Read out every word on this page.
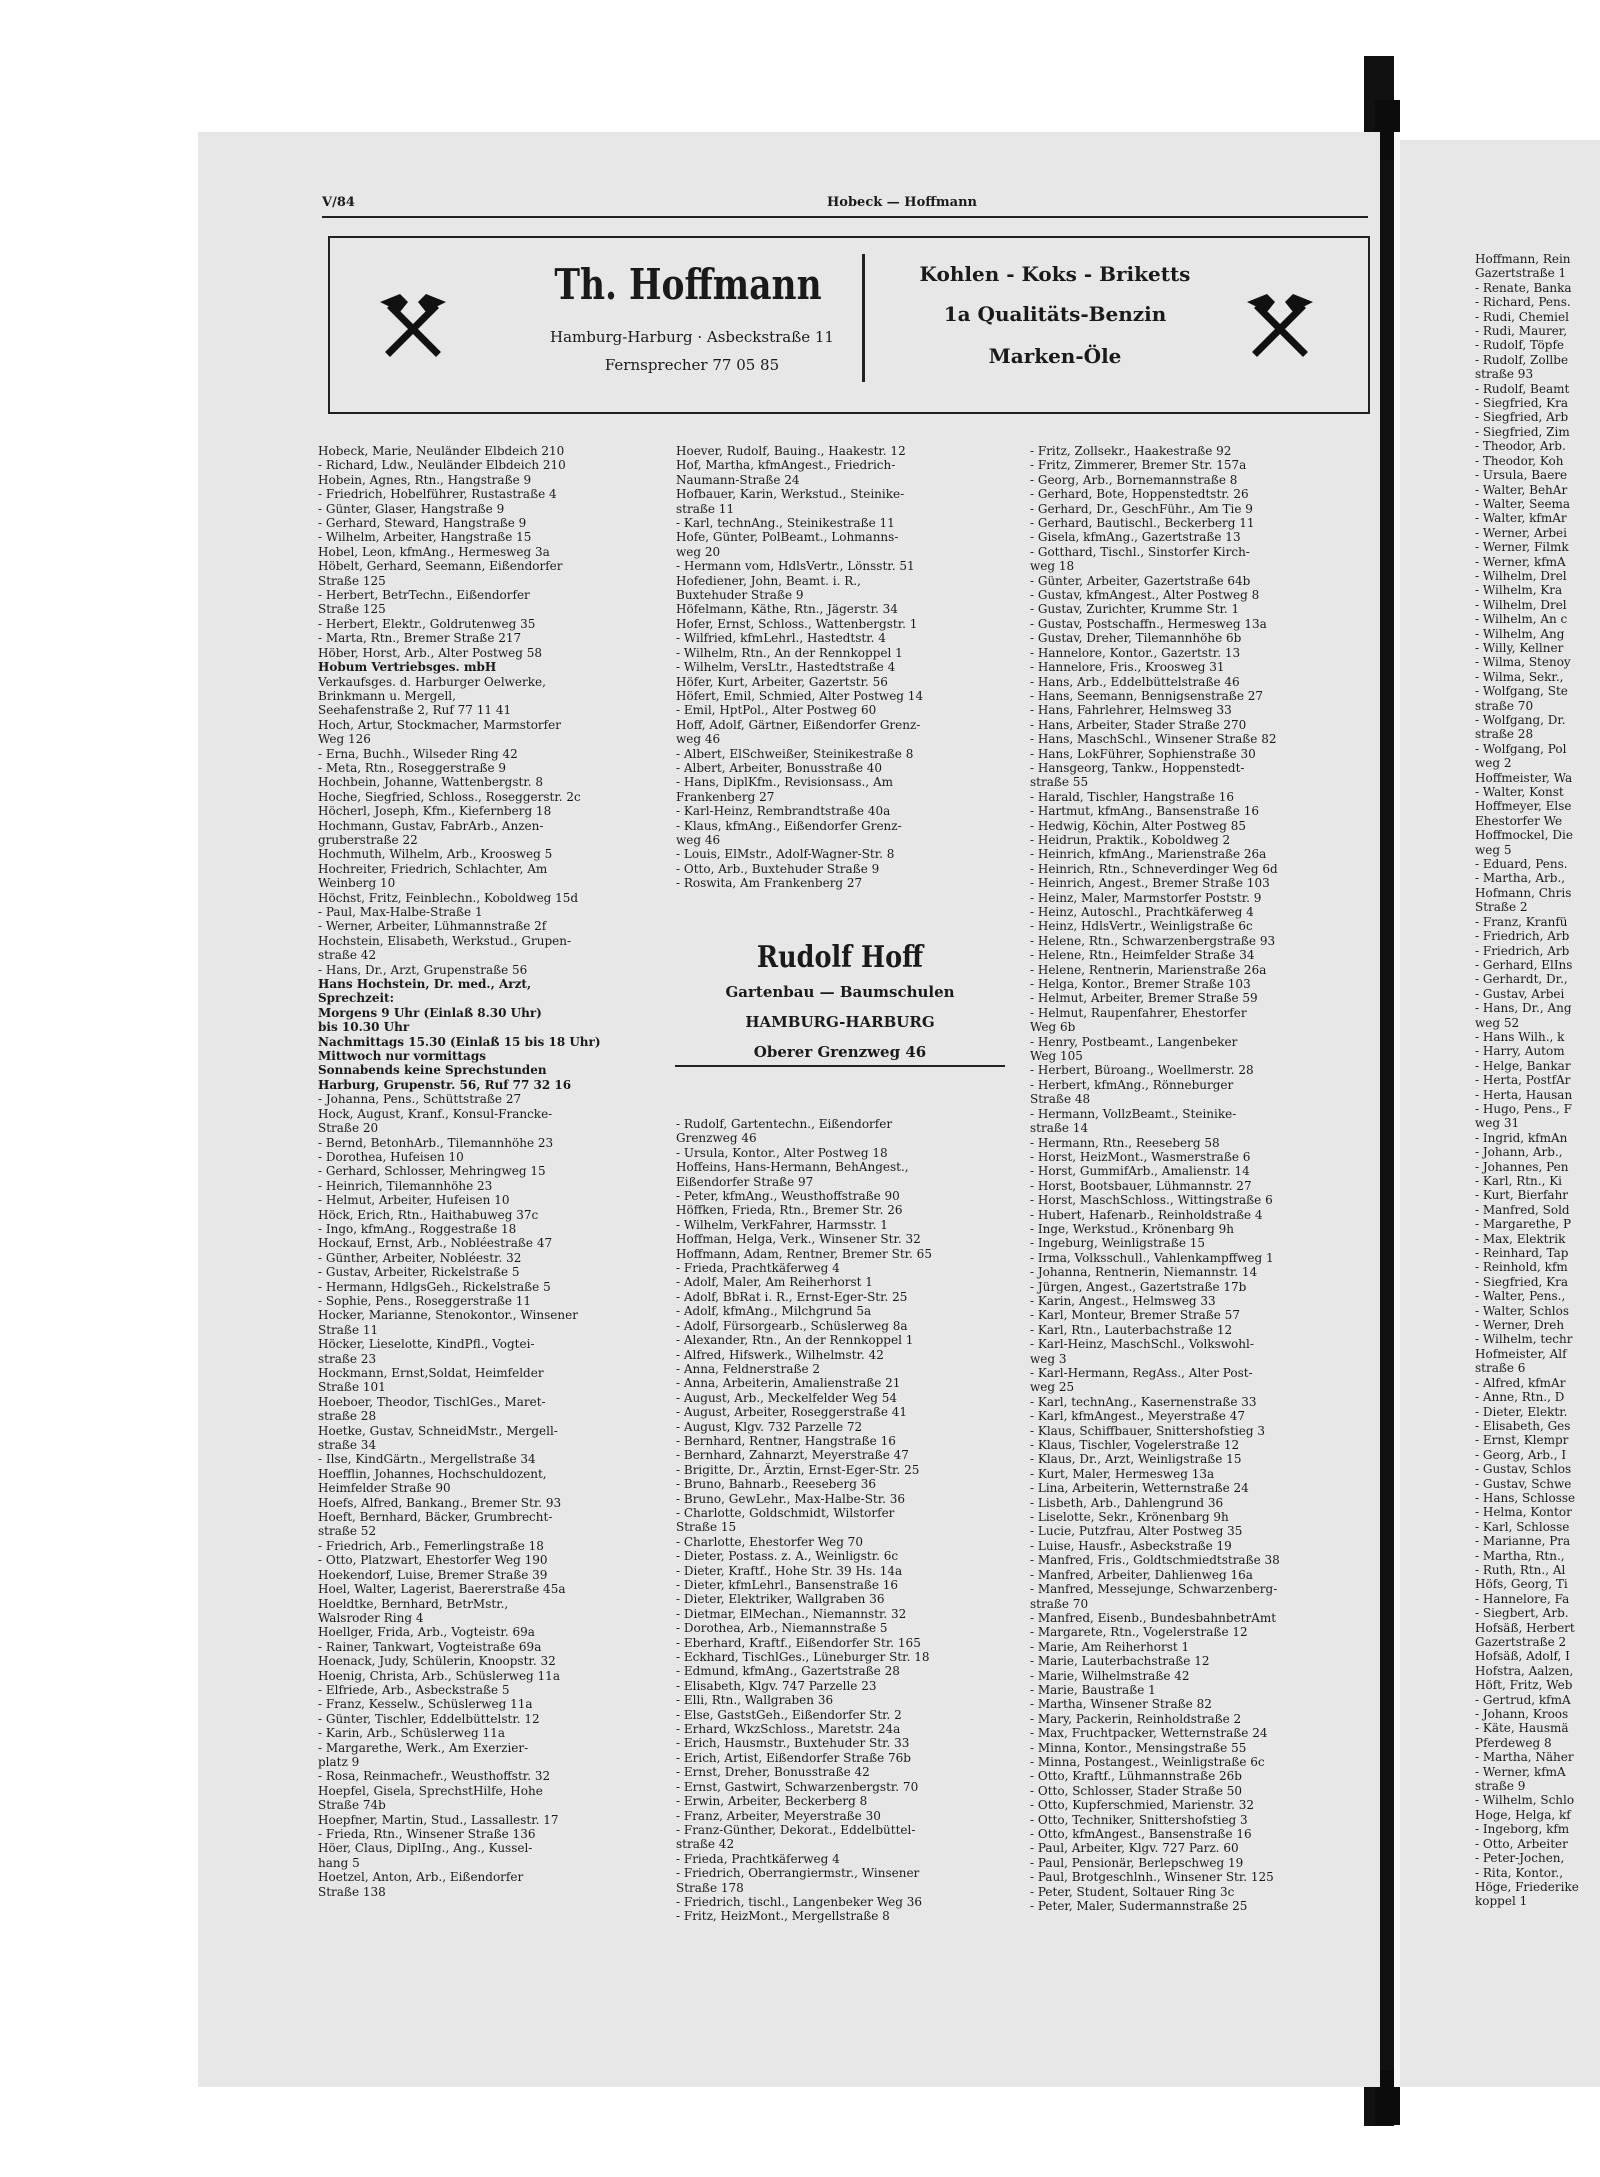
Hoffmann, Rein
Gazertstraße 1
- Renate, Banka
- Richard, Pens.
- Rudi, Chemiel
- Rudi, Maurer,
- Rudolf, Töpfe
- Rudolf, Zollbe
straße 93
- Rudolf, Beamt
- Siegfried, Kra
- Siegfried, Arb
- Siegfried, Zim
- Theodor, Arb.
- Theodor, Koh
- Ursula, Baere
- Walter, BehAr
- Walter, Seema
- Walter, kfmAr
- Werner, Arbei
- Werner, Filmk
- Werner, kfmA
- Wilhelm, Drel
- Wilhelm, Kra
- Wilhelm, Drel
- Wilhelm, An c
- Wilhelm, Ang
- Willy, Kellner
- Wilma, Stenoy
- Wilma, Sekr.,
- Wolfgang, Ste
straße 70
- Wolfgang, Dr.
straße 28
- Wolfgang, Pol
weg 2
Hoffmeister, Wa
- Walter, Konst
Hoffmeyer, Else
Ehestorfer We
Hoffmockel, Die
weg 5
- Eduard, Pens.
- Martha, Arb.,
Hofmann, Chris
Straße 2
- Franz, Kranfü
- Friedrich, Arb
- Friedrich, Arb
- Gerhard, ElIns
- Gerhardt, Dr.,
- Gustav, Arbei
- Hans, Dr., Ang
weg 52
- Hans Wilh., k
- Harry, Autom
- Helge, Bankar
- Herta, PostfAr
- Herta, Hausan
- Hugo, Pens., F
weg 31
- Ingrid, kfmAn
- Johann, Arb.,
- Johannes, Pen
- Karl, Rtn., Ki
- Kurt, Bierfahr
- Manfred, Sold
- Margarethe, P
- Max, Elektrik
- Reinhard, Tap
- Reinhold, kfm
- Siegfried, Kra
- Walter, Pens.,
- Walter, Schlos
- Werner, Dreh
- Wilhelm, techr
Hofmeister, Alf
straße 6
- Alfred, kfmAr
- Anne, Rtn., D
- Dieter, Elektr.
- Elisabeth, Ges
- Ernst, Klempr
- Georg, Arb., I
- Gustav, Schlos
- Gustav, Schwe
- Hans, Schlosse
- Helma, Kontor
- Karl, Schlosse
- Marianne, Pra
- Martha, Rtn.,
- Ruth, Rtn., Al
Höfs, Georg, Ti
- Hannelore, Fa
- Siegbert, Arb.
Hofsäß, Herbert
Gazertstraße 2
Hofsäß, Adolf, I
Hofstra, Aalzen,
Höft, Fritz, Web
- Gertrud, kfmA
- Johann, Kroos
- Käte, Hausmä
Pferdeweg 8
- Martha, Näher
- Werner, kfmA
straße 9
- Wilhelm, Schlo
Hoge, Helga, kf
- Ingeborg, kfm
- Otto, Arbeiter
- Peter-Jochen,
- Rita, Kontor.,
Höge, Friederike
koppel 1
V/84	Hobeck — Hoffmann
Th. Hoffmann
Hamburg-Harburg · Asbeckstraße 11
Fernsprecher 77 05 85
Kohlen - Koks - Briketts
1a Qualitäts-Benzin
Marken-Öle
Hobeck, Marie, Neuländer Elbdeich 210
- Richard, Ldw., Neuländer Elbdeich 210
Hobein, Agnes, Rtn., Hangstraße 9
- Friedrich, Hobelführer, Rustastraße 4
- Günter, Glaser, Hangstraße 9
- Gerhard, Steward, Hangstraße 9
- Wilhelm, Arbeiter, Hangstraße 15
Hobel, Leon, kfmAng., Hermesweg 3a
Höbelt, Gerhard, Seemann, Eißendorfer
Straße 125
- Herbert, BetrTechn., Eißendorfer
Straße 125
- Herbert, Elektr., Goldrutenweg 35
- Marta, Rtn., Bremer Straße 217
Höber, Horst, Arb., Alter Postweg 58
Hobum Vertriebsges. mbH
Verkaufsges. d. Harburger Oelwerke,
Brinkmann u. Mergell,
Seehafenstraße 2, Ruf 77 11 41
Hoch, Artur, Stockmacher, Marmstorfer
Weg 126
- Erna, Buchh., Wilseder Ring 42
- Meta, Rtn., Roseggerstraße 9
Hochbein, Johanne, Wattenbergstr. 8
Hoche, Siegfried, Schloss., Roseggerstr. 2c
Höcherl, Joseph, Kfm., Kiefernberg 18
Hochmann, Gustav, FabrArb., Anzen-
gruberstraße 22
Hochmuth, Wilhelm, Arb., Kroosweg 5
Hochreiter, Friedrich, Schlachter, Am
Weinberg 10
Höchst, Fritz, Feinblechn., Koboldweg 15d
- Paul, Max-Halbe-Straße 1
- Werner, Arbeiter, Lühmannstraße 2f
Hochstein, Elisabeth, Werkstud., Grupen-
straße 42
- Hans, Dr., Arzt, Grupenstraße 56
Hans Hochstein, Dr. med., Arzt,
Sprechzeit:
Morgens 9 Uhr (Einlaß 8.30 Uhr)
bis 10.30 Uhr
Nachmittags 15.30 (Einlaß 15 bis 18 Uhr)
Mittwoch nur vormittags
Sonnabends keine Sprechstunden
Harburg, Grupenstr. 56, Ruf 77 32 16
- Johanna, Pens., Schüttstraße 27
Hock, August, Kranf., Konsul-Francke-
Straße 20
- Bernd, BetonhArb., Tilemannhöhe 23
- Dorothea, Hufeisen 10
- Gerhard, Schlosser, Mehringweg 15
- Heinrich, Tilemannhöhe 23
- Helmut, Arbeiter, Hufeisen 10
Höck, Erich, Rtn., Haithabuweg 37c
- Ingo, kfmAng., Roggestraße 18
Hockauf, Ernst, Arb., Nobléestraße 47
- Günther, Arbeiter, Nobléestr. 32
- Gustav, Arbeiter, Rickelstraße 5
- Hermann, HdlgsGeh., Rickelstraße 5
- Sophie, Pens., Roseggerstraße 11
Hocker, Marianne, Stenokontor., Winsener
Straße 11
Höcker, Lieselotte, KindPfl., Vogtei-
straße 23
Hockmann, Ernst,Soldat, Heimfelder
Straße 101
Hoeboer, Theodor, TischlGes., Maret-
straße 28
Hoetke, Gustav, SchneidMstr., Mergell-
straße 34
- Ilse, KindGärtn., Mergellstraße 34
Hoefflin, Johannes, Hochschuldozent,
Heimfelder Straße 90
Hoefs, Alfred, Bankang., Bremer Str. 93
Hoeft, Bernhard, Bäcker, Grumbrecht-
straße 52
- Friedrich, Arb., Femerlingstraße 18
- Otto, Platzwart, Ehestorfer Weg 190
Hoekendorf, Luise, Bremer Straße 39
Hoel, Walter, Lagerist, Baererstraße 45a
Hoeldtke, Bernhard, BetrMstr.,
Walsroder Ring 4
Hoellger, Frida, Arb., Vogteistr. 69a
- Rainer, Tankwart, Vogteistraße 69a
Hoenack, Judy, Schülerin, Knoopstr. 32
Hoenig, Christa, Arb., Schüslerweg 11a
- Elfriede, Arb., Asbeckstraße 5
- Franz, Kesselw., Schüslerweg 11a
- Günter, Tischler, Eddelbüttelstr. 12
- Karin, Arb., Schüslerweg 11a
- Margarethe, Werk., Am Exerzier-
platz 9
- Rosa, Reinmachefr., Weusthoffstr. 32
Hoepfel, Gisela, SprechstHilfe, Hohe
Straße 74b
Hoepfner, Martin, Stud., Lassallestr. 17
- Frieda, Rtn., Winsener Straße 136
Höer, Claus, DiplIng., Ang., Kussel-
hang 5
Hoetzel, Anton, Arb., Eißendorfer
Straße 138
Hoever, Rudolf, Bauing., Haakestr. 12
Hof, Martha, kfmAngest., Friedrich-
Naumann-Straße 24
Hofbauer, Karin, Werkstud., Steinike-
straße 11
- Karl, technAng., Steinikestraße 11
Hofe, Günter, PolBeamt., Lohmanns-
weg 20
- Hermann vom, HdlsVertr., Lönsstr. 51
Hofediener, John, Beamt. i. R.,
Buxtehuder Straße 9
Höfelmann, Käthe, Rtn., Jägerstr. 34
Hofer, Ernst, Schloss., Wattenbergstr. 1
- Wilfried, kfmLehrl., Hastedtstr. 4
- Wilhelm, Rtn., An der Rennkoppel 1
- Wilhelm, VersLtr., Hastedtstraße 4
Höfer, Kurt, Arbeiter, Gazertstr. 56
Höfert, Emil, Schmied, Alter Postweg 14
- Emil, HptPol., Alter Postweg 60
Hoff, Adolf, Gärtner, Eißendorfer Grenz-
weg 46
- Albert, ElSchweißer, Steinikestraße 8
- Albert, Arbeiter, Bonusstraße 40
- Hans, DiplKfm., Revisionsass., Am
Frankenberg 27
- Karl-Heinz, Rembrandtstraße 40a
- Klaus, kfmAng., Eißendorfer Grenz-
weg 46
- Louis, ElMstr., Adolf-Wagner-Str. 8
- Otto, Arb., Buxtehuder Straße 9
- Roswita, Am Frankenberg 27
Rudolf Hoff
Gartenbau — Baumschulen
HAMBURG-HARBURG
Oberer Grenzweg 46
- Rudolf, Gartentechn., Eißendorfer
Grenzweg 46
- Ursula, Kontor., Alter Postweg 18
Hoffeins, Hans-Hermann, BehAngest.,
Eißendorfer Straße 97
- Peter, kfmAng., Weusthoffstraße 90
Höffken, Frieda, Rtn., Bremer Str. 26
- Wilhelm, VerkFahrer, Harmsstr. 1
Hoffman, Helga, Verk., Winsener Str. 32
Hoffmann, Adam, Rentner, Bremer Str. 65
- Frieda, Prachtkäferweg 4
- Adolf, Maler, Am Reiherhorst 1
- Adolf, BbRat i. R., Ernst-Eger-Str. 25
- Adolf, kfmAng., Milchgrund 5a
- Adolf, Fürsorgearb., Schüslerweg 8a
- Alexander, Rtn., An der Rennkoppel 1
- Alfred, Hifswerk., Wilhelmstr. 42
- Anna, Feldnerstraße 2
- Anna, Arbeiterin, Amalienstraße 21
- August, Arb., Meckelfelder Weg 54
- August, Arbeiter, Roseggerstraße 41
- August, Klgv. 732 Parzelle 72
- Bernhard, Rentner, Hangstraße 16
- Bernhard, Zahnarzt, Meyerstraße 47
- Brigitte, Dr., Ärztin, Ernst-Eger-Str. 25
- Bruno, Bahnarb., Reeseberg 36
- Bruno, GewLehr., Max-Halbe-Str. 36
- Charlotte, Goldschmidt, Wilstorfer
Straße 15
- Charlotte, Ehestorfer Weg 70
- Dieter, Postass. z. A., Weinligstr. 6c
- Dieter, Kraftf., Hohe Str. 39 Hs. 14a
- Dieter, kfmLehrl., Bansenstraße 16
- Dieter, Elektriker, Wallgraben 36
- Dietmar, ElMechan., Niemannstr. 32
- Dorothea, Arb., Niemannstraße 5
- Eberhard, Kraftf., Eißendorfer Str. 165
- Eckhard, TischlGes., Lüneburger Str. 18
- Edmund, kfmAng., Gazertstraße 28
- Elisabeth, Klgv. 747 Parzelle 23
- Elli, Rtn., Wallgraben 36
- Else, GaststGeh., Eißendorfer Str. 2
- Erhard, WkzSchloss., Maretstr. 24a
- Erich, Hausmstr., Buxtehuder Str. 33
- Erich, Artist, Eißendorfer Straße 76b
- Ernst, Dreher, Bonusstraße 42
- Ernst, Gastwirt, Schwarzenbergstr. 70
- Erwin, Arbeiter, Beckerberg 8
- Franz, Arbeiter, Meyerstraße 30
- Franz-Günther, Dekorat., Eddelbüttel-
straße 42
- Frieda, Prachtkäferweg 4
- Friedrich, Oberrangiermstr., Winsener
Straße 178
- Friedrich, tischl., Langenbeker Weg 36
- Fritz, HeizMont., Mergellstraße 8
- Fritz, Zollsekr., Haakestraße 92
- Fritz, Zimmerer, Bremer Str. 157a
- Georg, Arb., Bornemannstraße 8
- Gerhard, Bote, Hoppenstedtstr. 26
- Gerhard, Dr., GeschFühr., Am Tie 9
- Gerhard, Bautischl., Beckerberg 11
- Gisela, kfmAng., Gazertstraße 13
- Gotthard, Tischl., Sinstorfer Kirch-
weg 18
- Günter, Arbeiter, Gazertstraße 64b
- Gustav, kfmAngest., Alter Postweg 8
- Gustav, Zurichter, Krumme Str. 1
- Gustav, Postschaffn., Hermesweg 13a
- Gustav, Dreher, Tilemannhöhe 6b
- Hannelore, Kontor., Gazertstr. 13
- Hannelore, Fris., Kroosweg 31
- Hans, Arb., Eddelbüttelstraße 46
- Hans, Seemann, Bennigsenstraße 27
- Hans, Fahrlehrer, Helmsweg 33
- Hans, Arbeiter, Stader Straße 270
- Hans, MaschSchl., Winsener Straße 82
- Hans, LokFührer, Sophienstraße 30
- Hansgeorg, Tankw., Hoppenstedt-
straße 55
- Harald, Tischler, Hangstraße 16
- Hartmut, kfmAng., Bansenstraße 16
- Hedwig, Köchin, Alter Postweg 85
- Heidrun, Praktik., Koboldweg 2
- Heinrich, kfmAng., Marienstraße 26a
- Heinrich, Rtn., Schneverdinger Weg 6d
- Heinrich, Angest., Bremer Straße 103
- Heinz, Maler, Marmstorfer Poststr. 9
- Heinz, Autoschl., Prachtkäferweg 4
- Heinz, HdlsVertr., Weinligstraße 6c
- Helene, Rtn., Schwarzenbergstraße 93
- Helene, Rtn., Heimfelder Straße 34
- Helene, Rentnerin, Marienstraße 26a
- Helga, Kontor., Bremer Straße 103
- Helmut, Arbeiter, Bremer Straße 59
- Helmut, Raupenfahrer, Ehestorfer
Weg 6b
- Henry, Postbeamt., Langenbeker
Weg 105
- Herbert, Büroang., Woellmerstr. 28
- Herbert, kfmAng., Rönneburger
Straße 48
- Hermann, VollzBeamt., Steinike-
straße 14
- Hermann, Rtn., Reeseberg 58
- Horst, HeizMont., Wasmerstraße 6
- Horst, GummifArb., Amalienstr. 14
- Horst, Bootsbauer, Lühmannstr. 27
- Horst, MaschSchloss., Wittingstraße 6
- Hubert, Hafenarb., Reinholdstraße 4
- Inge, Werkstud., Krönenbarg 9h
- Ingeburg, Weinligstraße 15
- Irma, Volksschull., Vahlenkampffweg 1
- Johanna, Rentnerin, Niemannstr. 14
- Jürgen, Angest., Gazertstraße 17b
- Karin, Angest., Helmsweg 33
- Karl, Monteur, Bremer Straße 57
- Karl, Rtn., Lauterbachstraße 12
- Karl-Heinz, MaschSchl., Volkswohl-
weg 3
- Karl-Hermann, RegAss., Alter Post-
weg 25
- Karl, technAng., Kasernenstraße 33
- Karl, kfmAngest., Meyerstraße 47
- Klaus, Schiffbauer, Snittershofstieg 3
- Klaus, Tischler, Vogelerstraße 12
- Klaus, Dr., Arzt, Weinligstraße 15
- Kurt, Maler, Hermesweg 13a
- Lina, Arbeiterin, Wetternstraße 24
- Lisbeth, Arb., Dahlengrund 36
- Liselotte, Sekr., Krönenbarg 9h
- Lucie, Putzfrau, Alter Postweg 35
- Luise, Hausfr., Asbeckstraße 19
- Manfred, Fris., Goldtschmiedtstraße 38
- Manfred, Arbeiter, Dahlienweg 16a
- Manfred, Messejunge, Schwarzenberg-
straße 70
- Manfred, Eisenb., BundesbahnbetrAmt
- Margarete, Rtn., Vogelerstraße 12
- Marie, Am Reiherhorst 1
- Marie, Lauterbachstraße 12
- Marie, Wilhelmstraße 42
- Marie, Baustraße 1
- Martha, Winsener Straße 82
- Mary, Packerin, Reinholdstraße 2
- Max, Fruchtpacker, Wetternstraße 24
- Minna, Kontor., Mensingstraße 55
- Minna, Postangest., Weinligstraße 6c
- Otto, Kraftf., Lühmannstraße 26b
- Otto, Schlosser, Stader Straße 50
- Otto, Kupferschmied, Marienstr. 32
- Otto, Techniker, Snittershofstieg 3
- Otto, kfmAngest., Bansenstraße 16
- Paul, Arbeiter, Klgv. 727 Parz. 60
- Paul, Pensionär, Berlepschweg 19
- Paul, Brotgeschlnh., Winsener Str. 125
- Peter, Student, Soltauer Ring 3c
- Peter, Maler, Sudermannstraße 25
